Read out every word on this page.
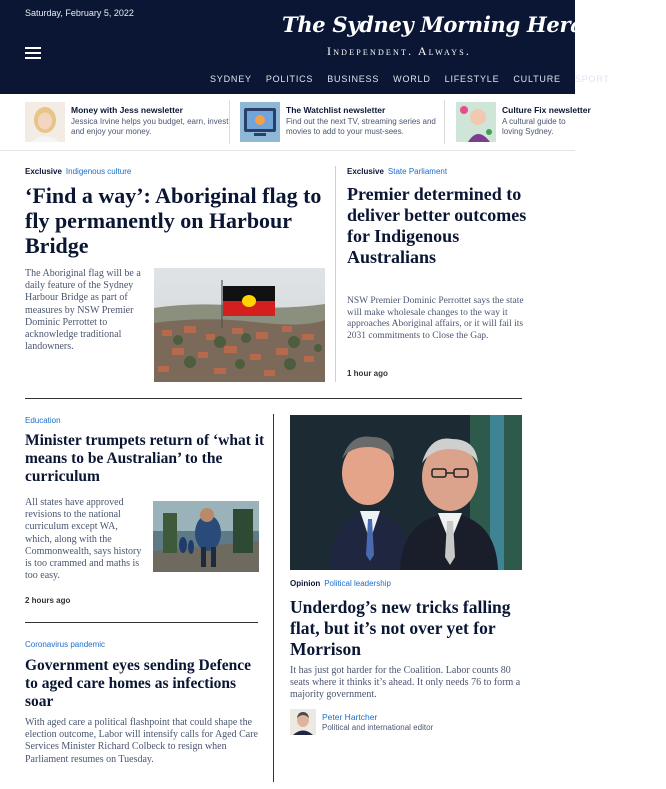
Saturday, February 5, 2022	The Sydney Morning Herald
Independent. Always.
SYDNEY POLITICS BUSINESS WORLD LIFESTYLE CULTURE SPORT
Money with Jess newsletter
Jessica Irvine helps you budget, earn, invest and enjoy your money.
The Watchlist newsletter
Find out the next TV, streaming series and movies to add to your must-sees.
Culture Fix newsletter
A cultural guide to loving Sydney.
Exclusive Indigenous culture
‘Find a way’: Aboriginal flag to fly permanently on Harbour Bridge
The Aboriginal flag will be a daily feature of the Sydney Harbour Bridge as part of measures by NSW Premier Dominic Perrottet to acknowledge traditional landowners.
Exclusive State Parliament
Premier determined to deliver better outcomes for Indigenous Australians
NSW Premier Dominic Perrottet says the state will make wholesale changes to the way it approaches Aboriginal affairs, or it will fail its 2031 commitments to Close the Gap.
1 hour ago
Education
Minister trumpets return of ‘what it means to be Australian’ to the curriculum
All states have approved revisions to the national curriculum except WA, which, along with the Commonwealth, says history is too crammed and maths is too easy.
2 hours ago
Coronavirus pandemic
Government eyes sending Defence to aged care homes as infections soar
With aged care a political flashpoint that could shape the election outcome, Labor will intensify calls for Aged Care Services Minister Richard Colbeck to resign when Parliament resumes on Tuesday.
Opinion Political leadership
Underdog’s new tricks falling flat, but it’s not over yet for Morrison
It has just got harder for the Coalition. Labor counts 80 seats where it thinks it’s ahead. It only needs 76 to form a majority government.
Peter Hartcher
Political and international editor
